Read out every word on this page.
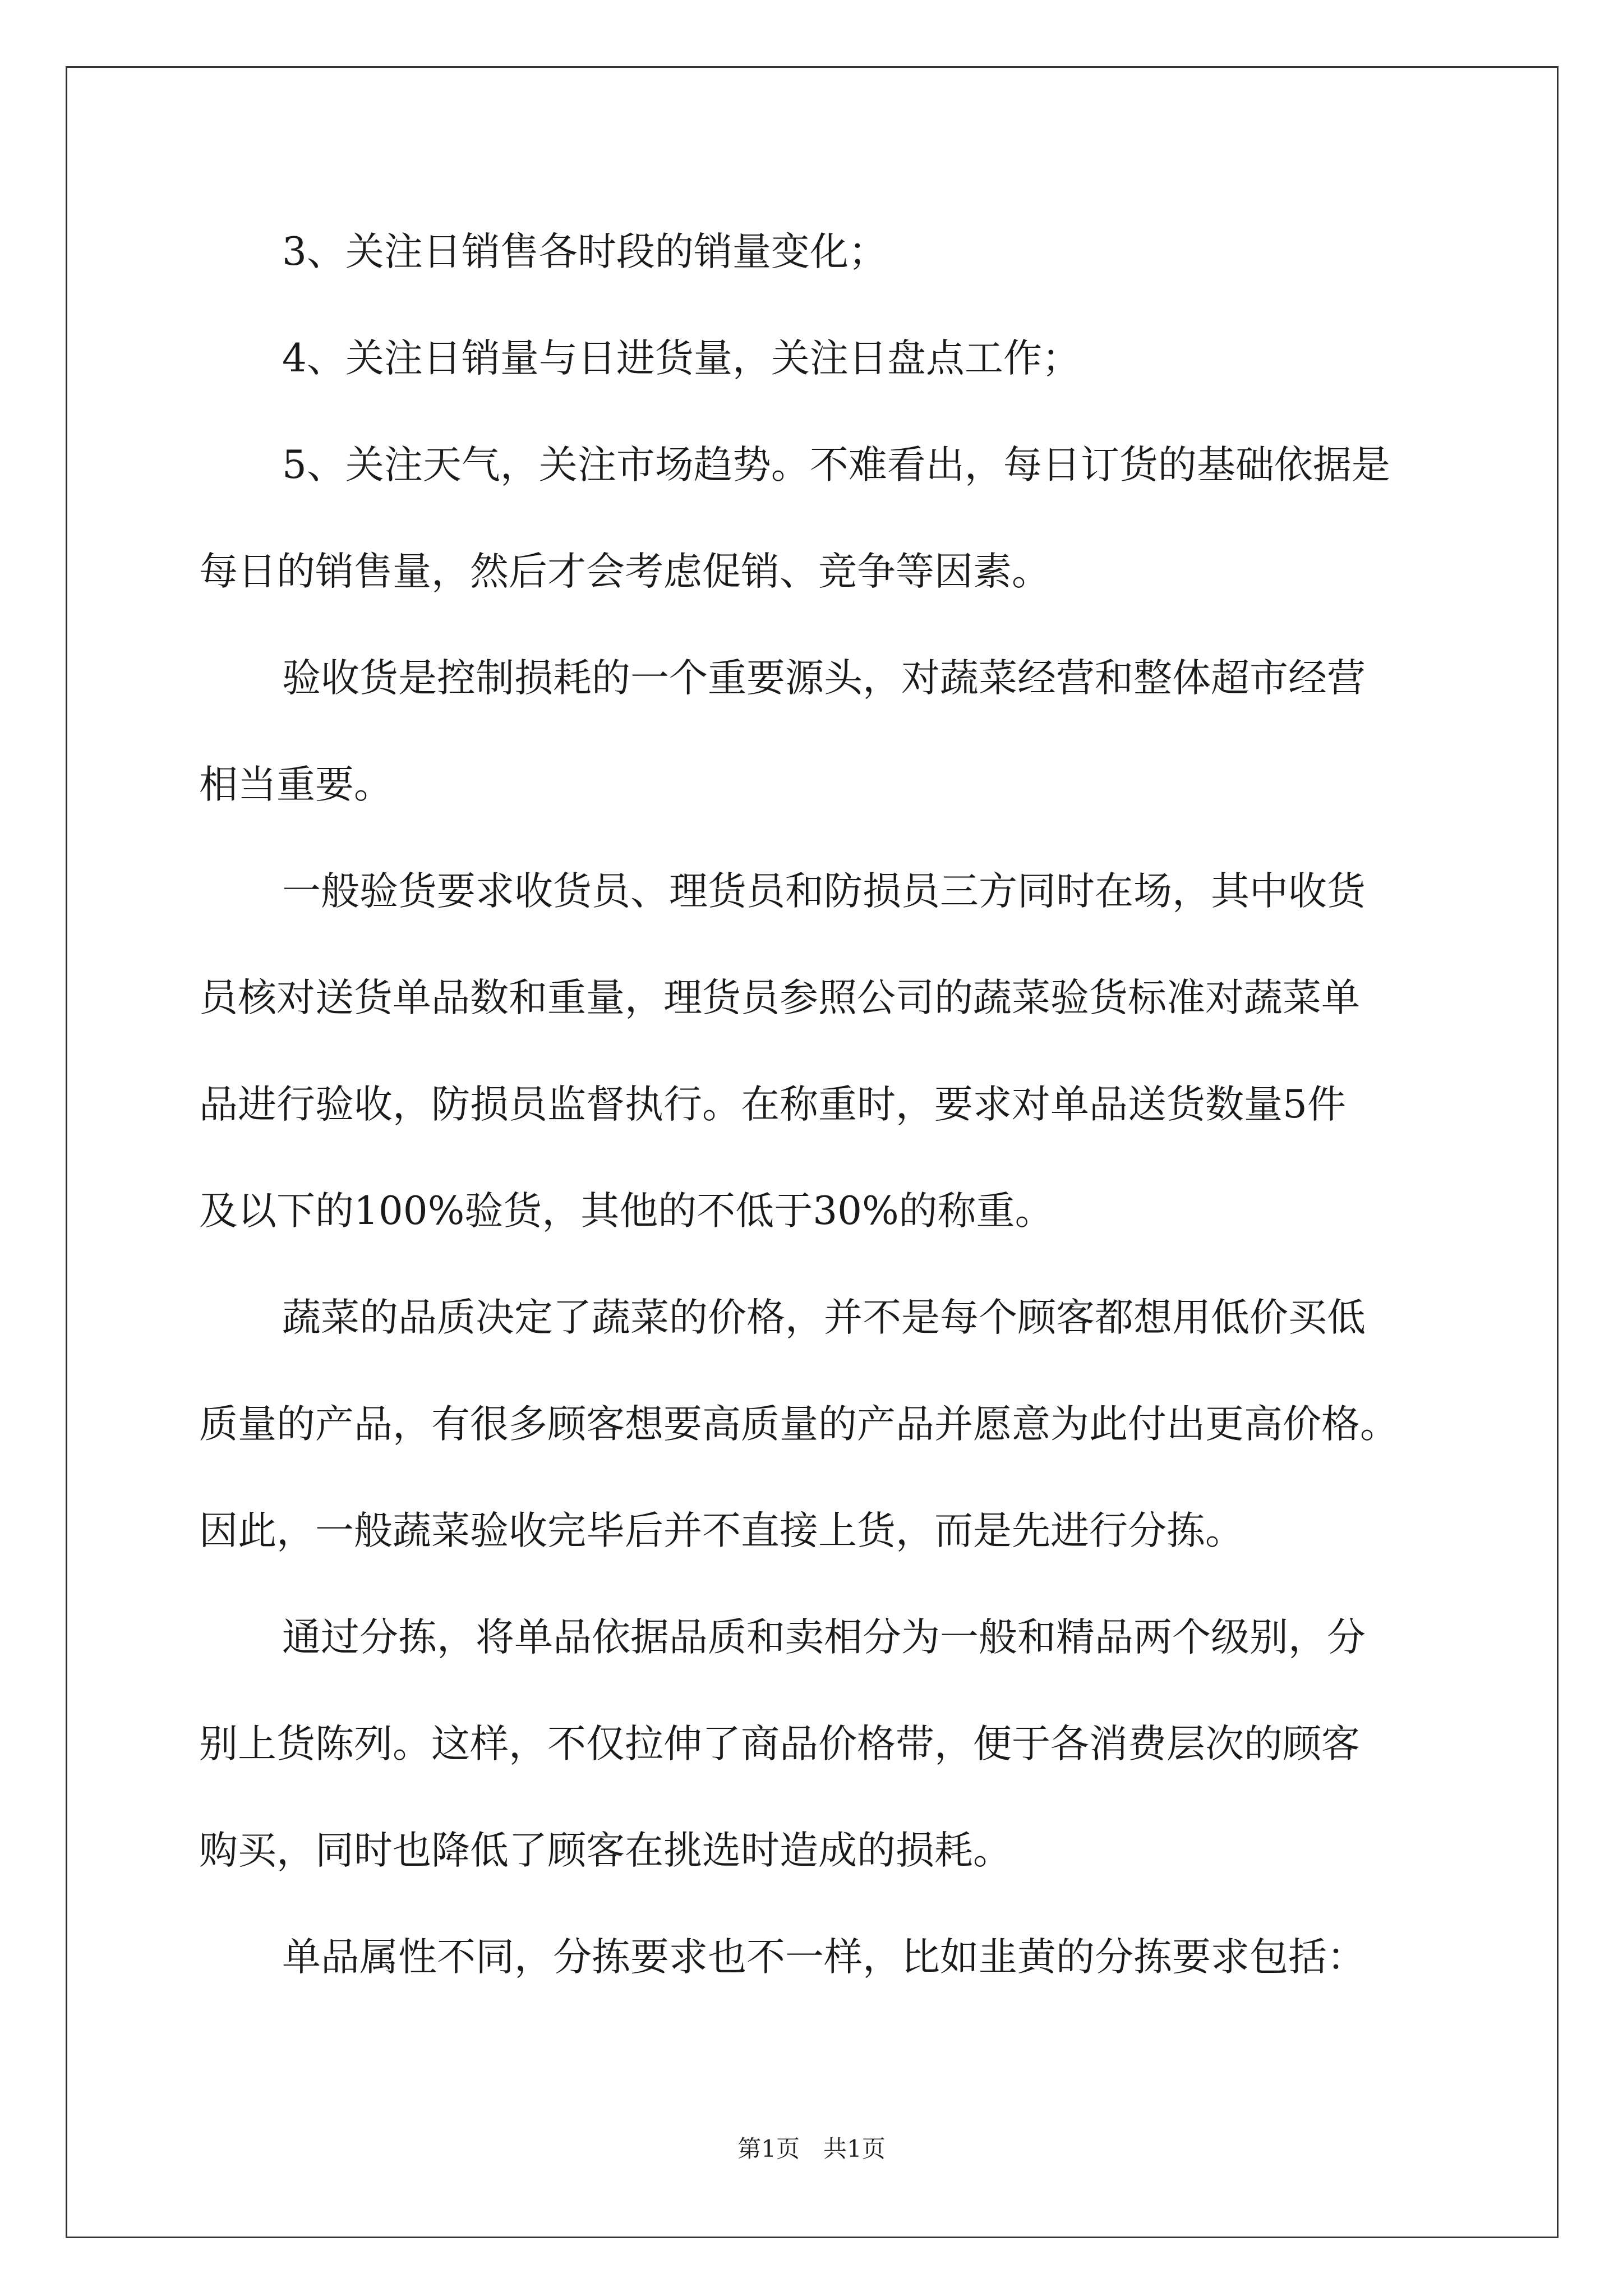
3、关注日销售各时段的销量变化；
4、关注日销量与日进货量，关注日盘点工作；
5、关注天气，关注市场趋势。不难看出，每日订货的基础依据是
每日的销售量，然后才会考虑促销、竞争等因素。
验收货是控制损耗的一个重要源头，对蔬菜经营和整体超市经营
相当重要。
一般验货要求收货员、理货员和防损员三方同时在场，其中收货
员核对送货单品数和重量，理货员参照公司的蔬菜验货标准对蔬菜单
品进行验收，防损员监督执行。在称重时，要求对单品送货数量5件
及以下的100%验货，其他的不低于30%的称重。
蔬菜的品质决定了蔬菜的价格，并不是每个顾客都想用低价买低
质量的产品，有很多顾客想要高质量的产品并愿意为此付出更高价格。
因此，一般蔬菜验收完毕后并不直接上货，而是先进行分拣。
通过分拣，将单品依据品质和卖相分为一般和精品两个级别，分
别上货陈列。这样，不仅拉伸了商品价格带，便于各消费层次的顾客
购买，同时也降低了顾客在挑选时造成的损耗。
单品属性不同，分拣要求也不一样，比如韭黄的分拣要求包括：
第1页　共1页
